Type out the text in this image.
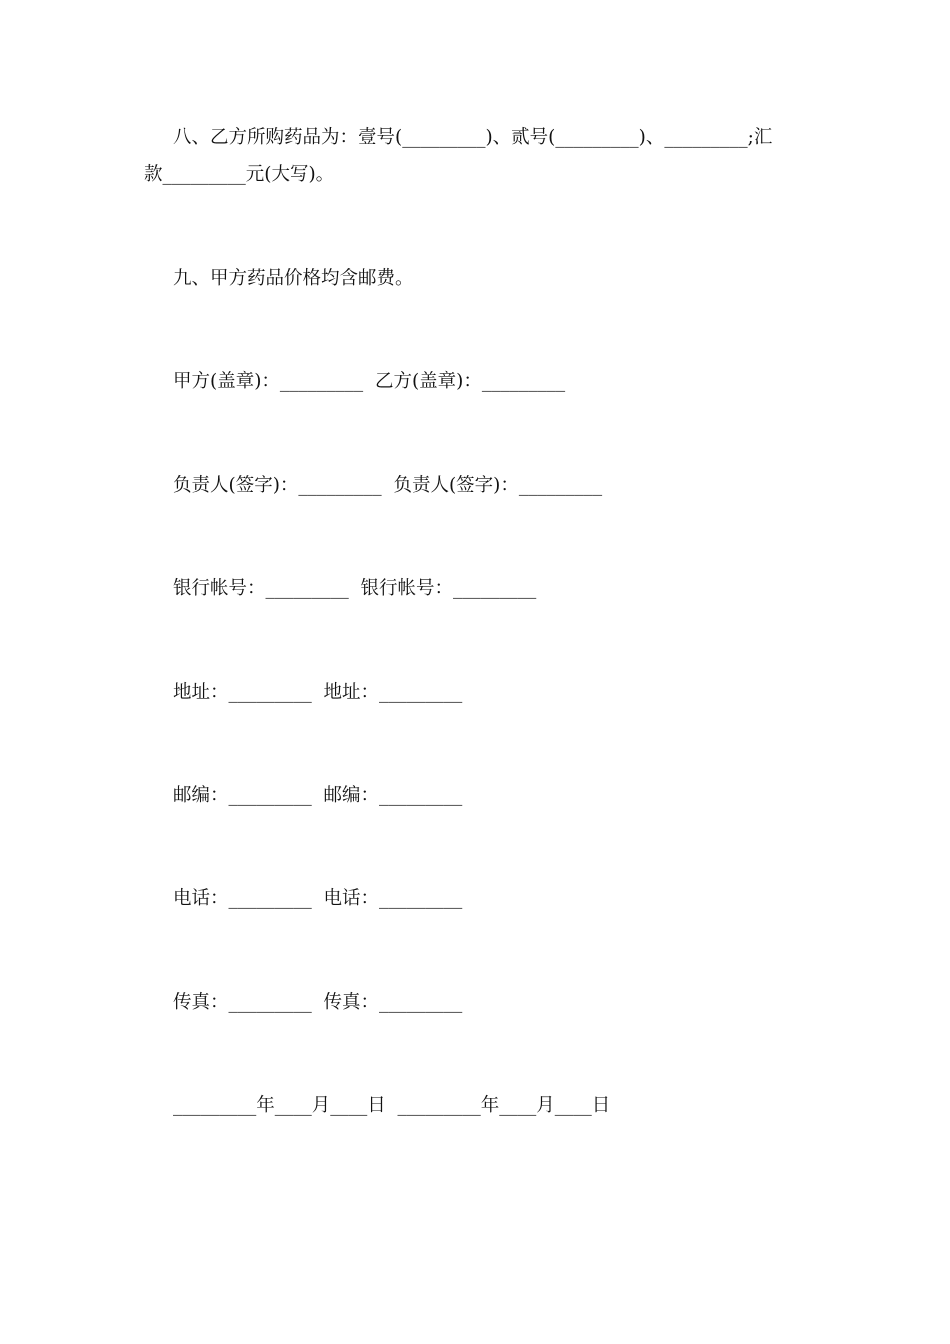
八、乙方所购药品为：壹号(_________)、贰号(_________)、_________;汇
款_________元(大写)。
九、甲方药品价格均含邮费。
甲方(盖章)：_________  乙方(盖章)：_________
负责人(签字)：_________  负责人(签字)：_________
银行帐号：_________  银行帐号：_________
地址：_________  地址：_________
邮编：_________  邮编：_________
电话：_________  电话：_________
传真：_________  传真：_________
_________年____月____日  _________年____月____日
